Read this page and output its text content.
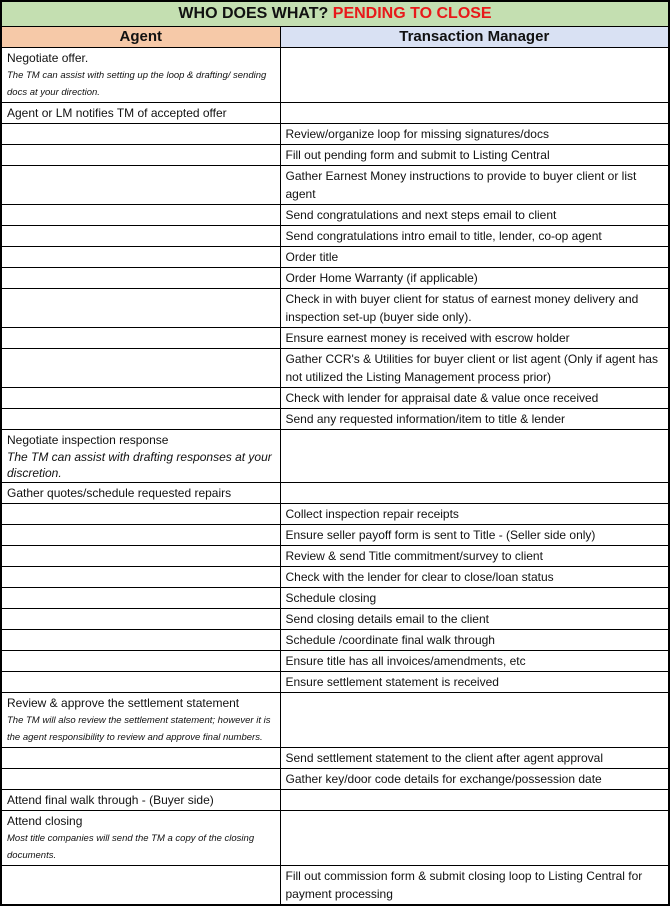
WHO DOES WHAT? PENDING TO CLOSE	
Agent	Transaction Manager

Negotiate offer.
The TM can assist with setting up the loop & drafting/ sending docs at your direction.	

Agent or LM notifies TM of accepted offer	

	Review/organize loop for missing signatures/docs

	Fill out pending form and submit to Listing Central

	Gather Earnest Money instructions to provide to buyer client or list agent

	Send congratulations and next steps email to client

	Send congratulations intro email to title, lender, co-op agent

	Order title

	Order Home Warranty (if applicable)

	Check in with buyer client for status of earnest money delivery and inspection set-up (buyer side only).

	Ensure earnest money is received with escrow holder

	Gather CCR's & Utilities for buyer client or list agent (Only if agent has not utilized the Listing Management process prior)

	Check with lender for appraisal date & value once received

	Send any requested information/item to title & lender

Negotiate inspection response
The TM can assist with drafting responses at your discretion.	

Gather quotes/schedule requested repairs	

	Collect inspection repair receipts

	Ensure seller payoff form is sent to Title - (Seller side only)

	Review & send Title commitment/survey to client

	Check with the lender for clear to close/loan status

	Schedule closing

	Send closing details email to the client

	Schedule /coordinate final walk through

	Ensure title has all invoices/amendments, etc

	Ensure settlement statement is received

Review & approve the settlement statement
The TM will also review the settlement statement; however it is the agent responsibility to review and approve final numbers.	

	Send settlement statement to the client after agent approval

	Gather key/door code details for exchange/possession date

Attend final walk through - (Buyer side)	

Attend closing
Most title companies will send the TM a copy of the closing documents.	

	Fill out commission form & submit closing loop to Listing Central for payment processing
